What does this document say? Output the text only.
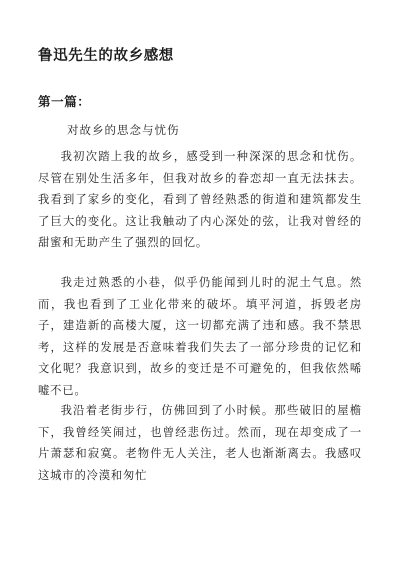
鲁迅先生的故乡感想
第一篇：

对故乡的思念与忧伤

我初次踏上我的故乡，感受到一种深深的思念和忧伤。尽管在别处生活多年，但我对故乡的眷恋却一直无法抹去。我看到了家乡的变化，看到了曾经熟悉的街道和建筑都发生了巨大的变化。这让我触动了内心深处的弦，让我对曾经的甜蜜和无助产生了强烈的回忆。

我走过熟悉的小巷，似乎仍能闻到儿时的泥土气息。然而，我也看到了工业化带来的破坏。填平河道，拆毁老房子，建造新的高楼大厦，这一切都充满了违和感。我不禁思考，这样的发展是否意味着我们失去了一部分珍贵的记忆和文化呢？我意识到，故乡的变迁是不可避免的，但我依然唏嘘不已。

我沿着老街步行，仿佛回到了小时候。那些破旧的屋檐下，我曾经笑闹过，也曾经悲伤过。然而，现在却变成了一片萧瑟和寂寞。老物件无人关注，老人也渐渐离去。我感叹这城市的冷漠和匆忙
